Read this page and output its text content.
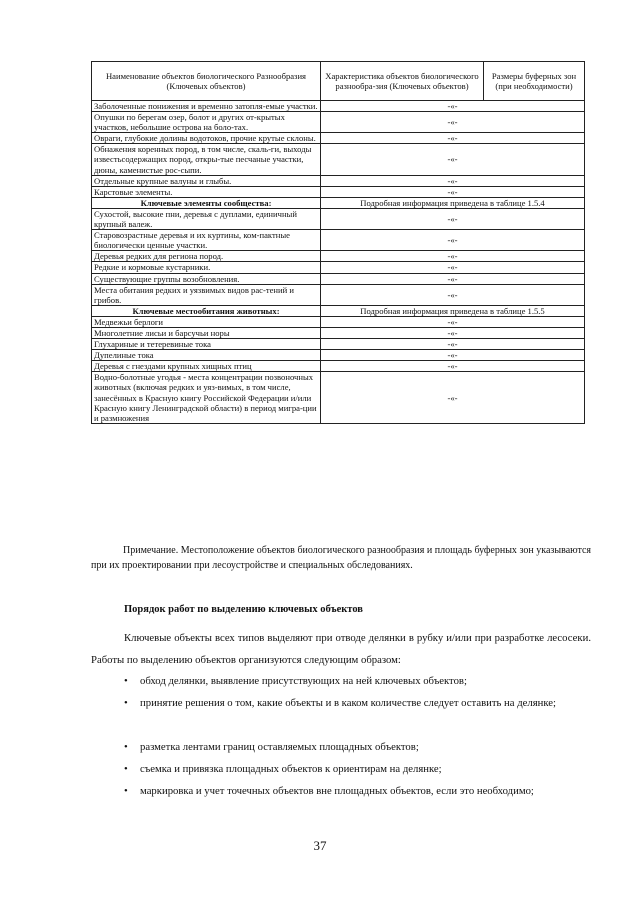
Наименование объектов биологического Разнообразия (Ключевых объектов)	Характеристика объектов биологического разнообра-зия (Ключевых объектов)	Размеры буферных зон (при необходимости)
Заболоченные понижения и временно затопля-емые участки.	-«-	
Опушки по берегам озер, болот и других от-крытых участков, небольшие острова на боло-тах.	-«-	
Овраги, глубокие долины водотоков, прочие крутые склоны.	-«-	
Обнажения коренных пород, в том числе, скаль-ги, выходы известьсодержащих пород, откры-тые песчаные участки, дюны, каменистые рос-сыпи.	-«-	
Отдельные крупные валуны и глыбы.	-«-	
Карстовые элементы.	-«-	
Ключевые элементы сообщества:	Подробная информация приведена в таблице 1.5.4	
Сухостой, высокие пни, деревья с дуплами, единичный крупный валеж.	-«-	
Старовозрастные деревья и их куртины, ком-пактные биологически ценные участки.	-«-	
Деревья редких для региона пород.	-«-	
Редкие и кормовые кустарники.	-«-	
Существующие группы возобновления.	-«-	
Места обитания редких и уязвимых видов рас-тений и грибов.	-«-	
Ключевые местообитания животных:	Подробная информация приведена в таблице 1.5.5	
Медвежьи берлоги	-«-	
Многолетние лисьи и барсучьи норы	-«-	
Глухариные и тетеревиные тока	-«-	
Дупелиные тока	-«-	
Деревья с гнездами крупных хищных птиц	-«-	
Водно-болотные угодья - места концентрации позвоночных животных (включая редких и уяз-вимых, в том числе, занесённых в Красную книгу Российской Федерации и/или Красную книгу Ленинградской области) в период мигра-ции и размножения	-«-	
Примечание. Местоположение объектов биологического разнообразия и площадь буферных зон указываются при их проектировании при лесоустройстве и специальных обследованиях.
Порядок работ по выделению ключевых объектов
Ключевые объекты всех типов выделяют при отводе делянки в рубку и/или при разработке лесосеки. Работы по выделению объектов организуются следующим образом:
• обход делянки, выявление присутствующих на ней ключевых объектов;
• принятие решения о том, какие объекты и в каком количестве следует оставить на делянке;
• разметка лентами границ оставляемых площадных объектов;
• съемка и привязка площадных объектов к ориентирам на делянке;
• маркировка и учет точечных объектов вне площадных объектов, если это необходимо;
37
